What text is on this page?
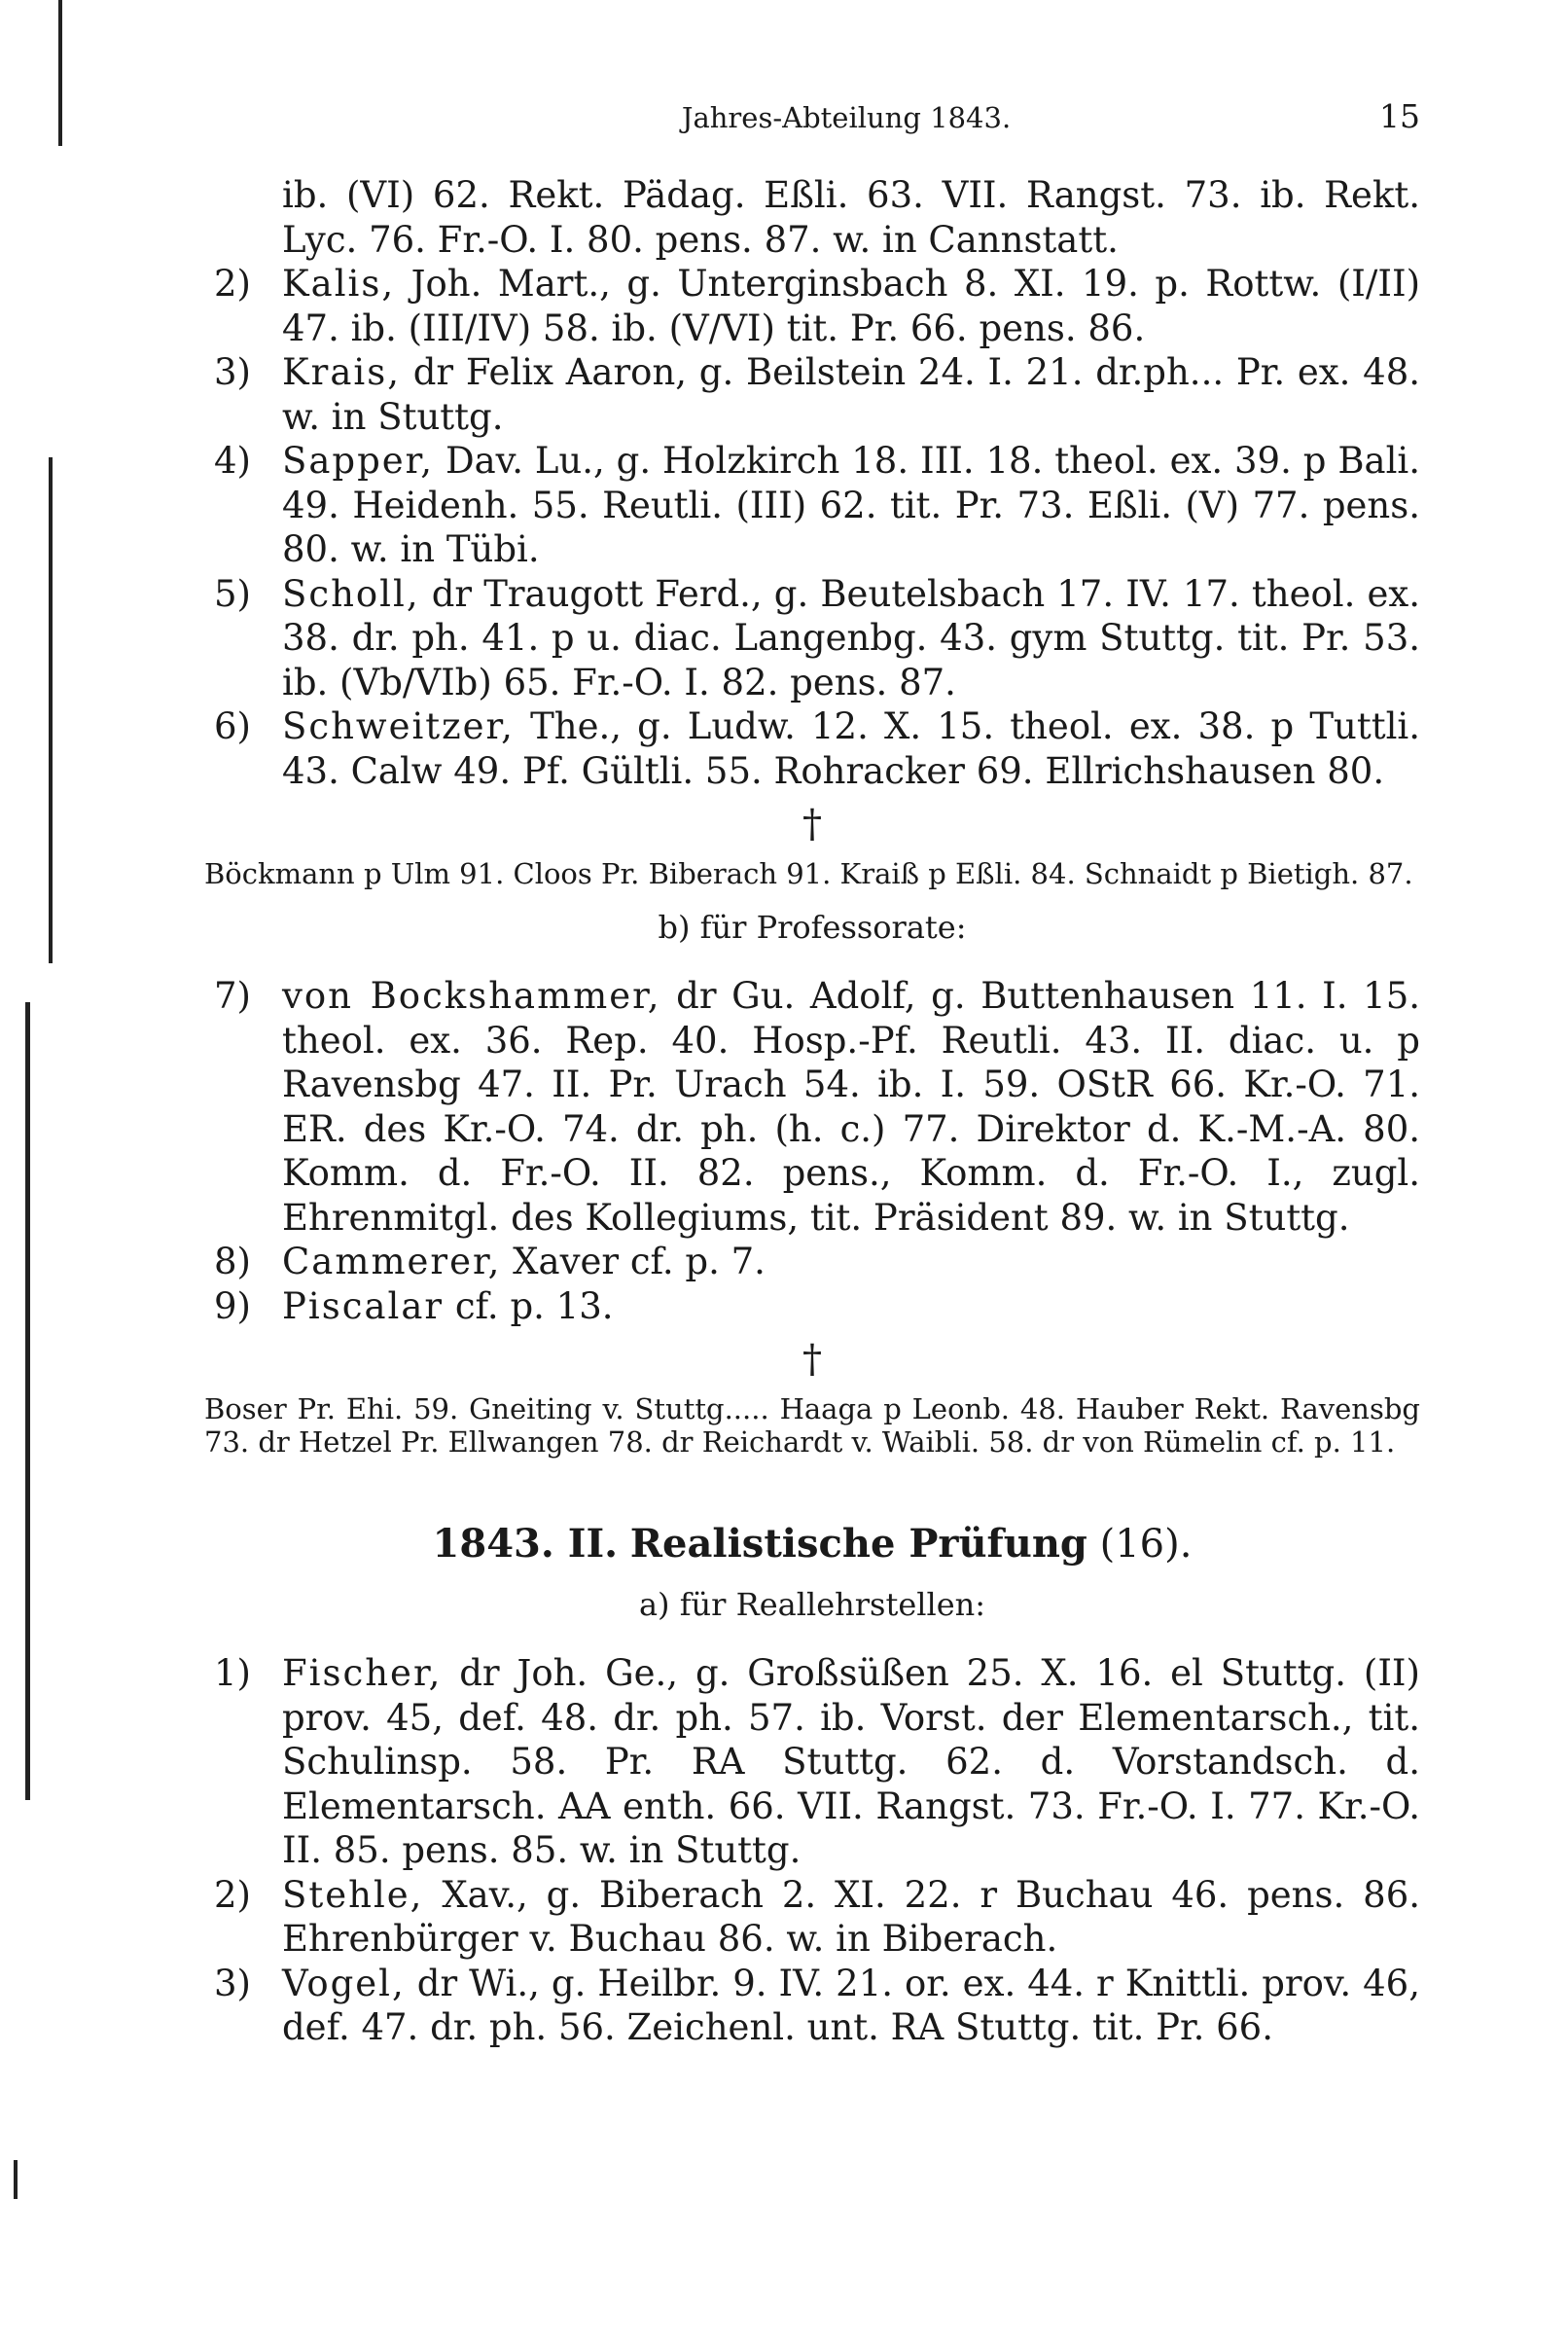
Jahres-Abteilung 1843.	15
ib. (VI) 62. Rekt. Pädag. Eßli. 63. VII. Rangst. 73. ib. Rekt. Lyc. 76. Fr.-O. I. 80. pens. 87. w. in Cannstatt.
2) Kalis, Joh. Mart., g. Unterginsbach 8. XI. 19. p. Rottw. (I/II) 47. ib. (III/IV) 58. ib. (V/VI) tit. Pr. 66. pens. 86.
3) Krais, dr Felix Aaron, g. Beilstein 24. I. 21. dr.ph... Pr. ex. 48. w. in Stuttg.
4) Sapper, Dav. Lu., g. Holzkirch 18. III. 18. theol. ex. 39. p Bali. 49. Heidenh. 55. Reutli. (III) 62. tit. Pr. 73. Eßli. (V) 77. pens. 80. w. in Tübi.
5) Scholl, dr Traugott Ferd., g. Beutelsbach 17. IV. 17. theol. ex. 38. dr. ph. 41. p u. diac. Langenbg. 43. gym Stuttg. tit. Pr. 53. ib. (Vb/VIb) 65. Fr.-O. I. 82. pens. 87.
6) Schweitzer, The., g. Ludw. 12. X. 15. theol. ex. 38. p Tuttli. 43. Calw 49. Pf. Gültli. 55. Rohracker 69. Ellrichshausen 80.
†
Böckmann p Ulm 91. Cloos Pr. Biberach 91. Kraiß p Eßli. 84. Schnaidt p Bietigh. 87.
b) für Professorate:
7) von Bockshammer, dr Gu. Adolf, g. Buttenhausen 11. I. 15. theol. ex. 36. Rep. 40. Hosp.-Pf. Reutli. 43. II. diac. u. p Ravensbg 47. II. Pr. Urach 54. ib. I. 59. OStR 66. Kr.-O. 71. ER. des Kr.-O. 74. dr. ph. (h. c.) 77. Direktor d. K.-M.-A. 80. Komm. d. Fr.-O. II. 82. pens., Komm. d. Fr.-O. I., zugl. Ehrenmitgl. des Kollegiums, tit. Präsident 89. w. in Stuttg.
8) Cammerer, Xaver cf. p. 7.
9) Piscalar cf. p. 13.
†
Boser Pr. Ehi. 59. Gneiting v. Stuttg..... Haaga p Leonb. 48. Hauber Rekt. Ravensbg 73. dr Hetzel Pr. Ellwangen 78. dr Reichardt v. Waibli. 58. dr von Rümelin cf. p. 11.
1843. II. Realistische Prüfung (16).
a) für Reallehrstellen:
1) Fischer, dr Joh. Ge., g. Großsüßen 25. X. 16. el Stuttg. (II) prov. 45, def. 48. dr. ph. 57. ib. Vorst. der Elementarsch., tit. Schulinsp. 58. Pr. RA Stuttg. 62. d. Vorstandsch. d. Elementarsch. AA enth. 66. VII. Rangst. 73. Fr.-O. I. 77. Kr.-O. II. 85. pens. 85. w. in Stuttg.
2) Stehle, Xav., g. Biberach 2. XI. 22. r Buchau 46. pens. 86. Ehrenbürger v. Buchau 86. w. in Biberach.
3) Vogel, dr Wi., g. Heilbr. 9. IV. 21. or. ex. 44. r Knittli. prov. 46, def. 47. dr. ph. 56. Zeichenl. unt. RA Stuttg. tit. Pr. 66.
